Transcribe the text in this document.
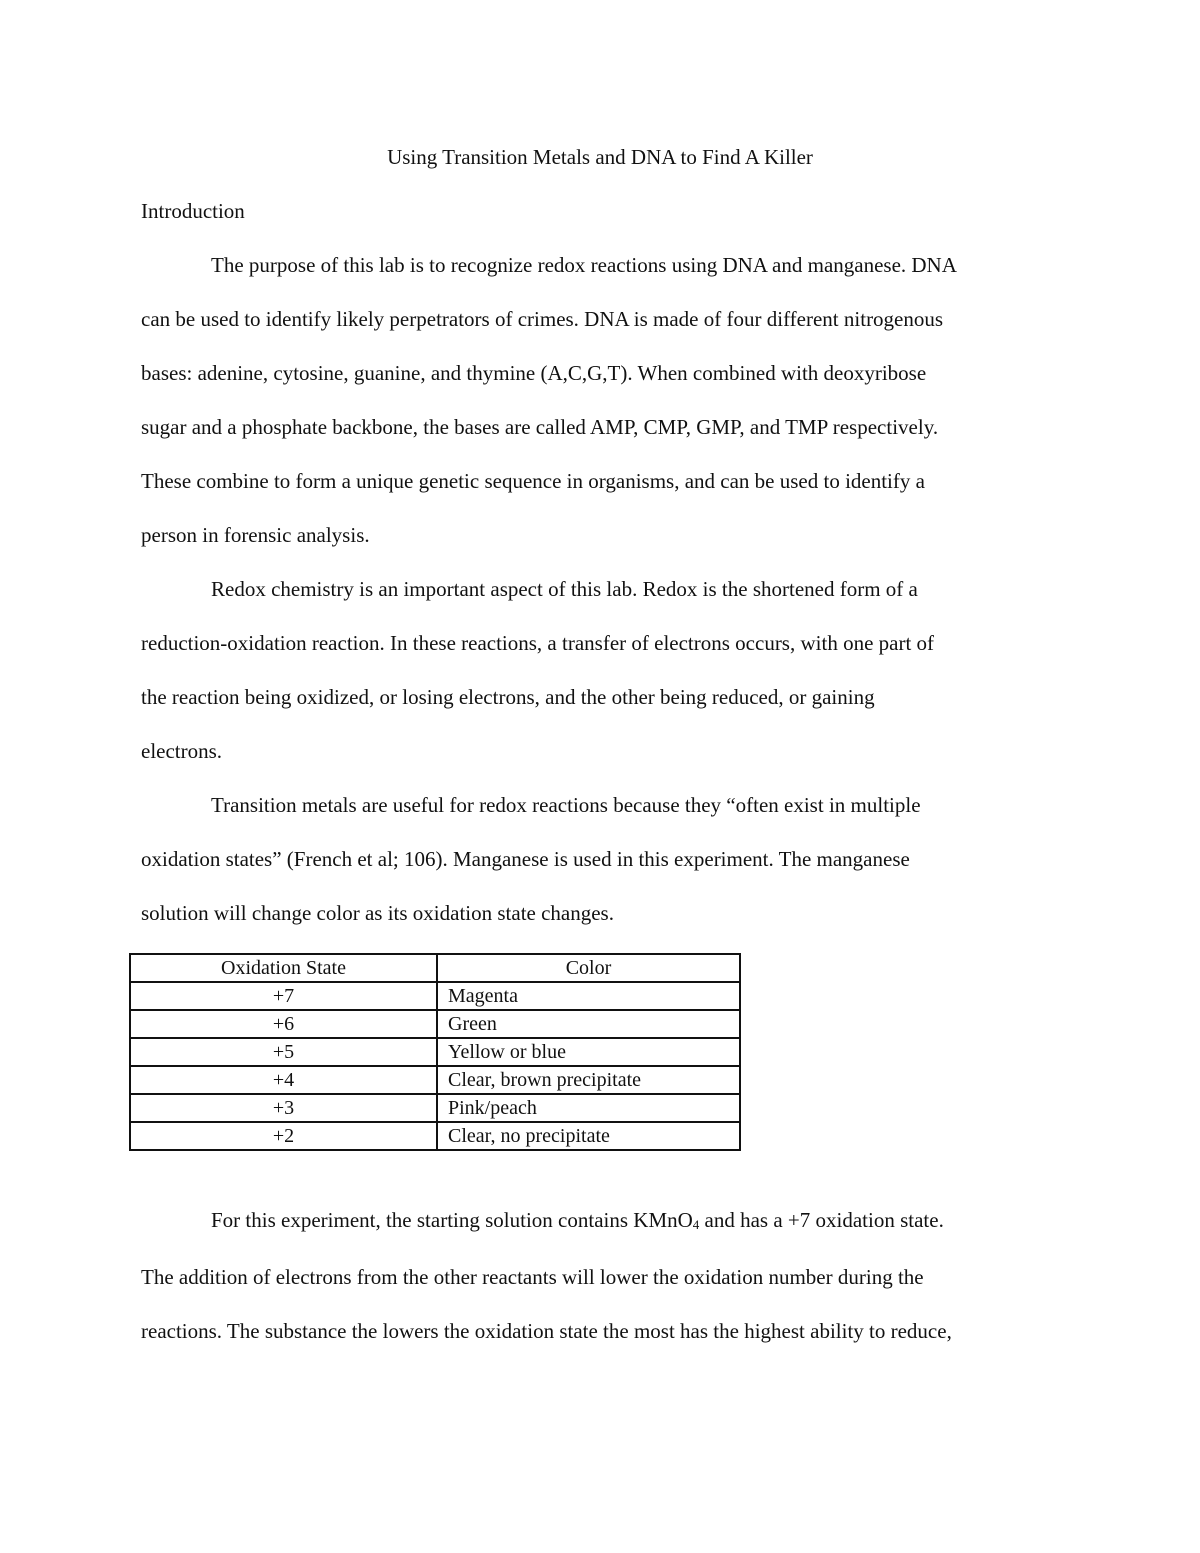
Using Transition Metals and DNA to Find A Killer
Introduction
The purpose of this lab is to recognize redox reactions using DNA and manganese. DNA
can be used to identify likely perpetrators of crimes. DNA is made of four different nitrogenous
bases: adenine, cytosine, guanine, and thymine (A,C,G,T). When combined with deoxyribose
sugar and a phosphate backbone, the bases are called AMP, CMP, GMP, and TMP respectively.
These combine to form a unique genetic sequence in organisms, and can be used to identify a
person in forensic analysis.
Redox chemistry is an important aspect of this lab. Redox is the shortened form of a
reduction-oxidation reaction. In these reactions, a transfer of electrons occurs, with one part of
the reaction being oxidized, or losing electrons, and the other being reduced, or gaining
electrons.
Transition metals are useful for redox reactions because they “often exist in multiple
oxidation states” (French et al; 106). Manganese is used in this experiment. The manganese
solution will change color as its oxidation state changes.
Oxidation State	Color
+7	Magenta
+6	Green
+5	Yellow or blue
+4	Clear, brown precipitate
+3	Pink/peach
+2	Clear, no precipitate
For this experiment, the starting solution contains KMnO$_4$ and has a +7 oxidation state.
The addition of electrons from the other reactants will lower the oxidation number during the
reactions. The substance the lowers the oxidation state the most has the highest ability to reduce,
